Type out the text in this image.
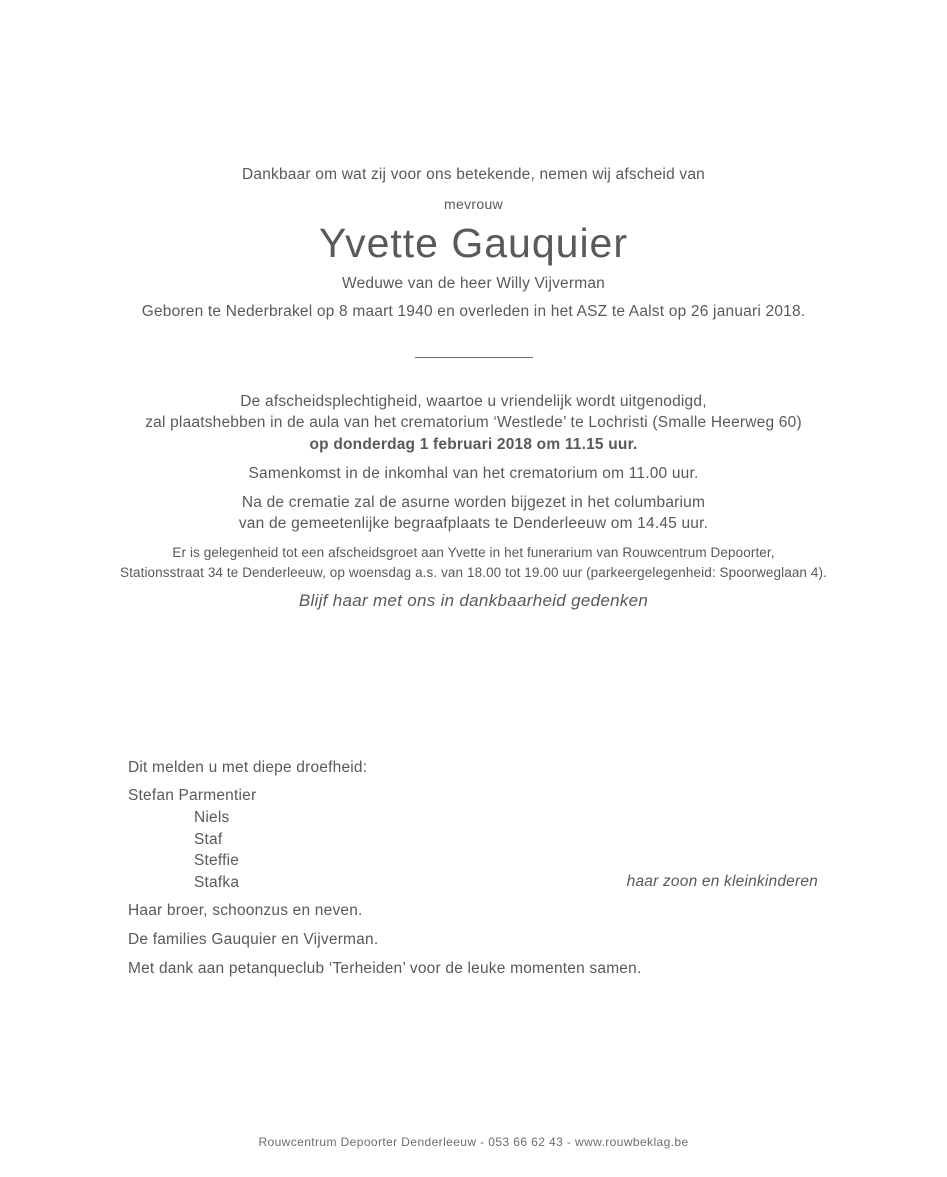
Dankbaar om wat zij voor ons betekende, nemen wij afscheid van
mevrouw
Yvette Gauquier
Weduwe van de heer Willy Vijverman
Geboren te Nederbrakel op 8 maart 1940 en overleden in het ASZ te Aalst op 26 januari 2018.
De afscheidsplechtigheid, waartoe u vriendelijk wordt uitgenodigd,
zal plaatshebben in de aula van het crematorium ‘Westlede’ te Lochristi (Smalle Heerweg 60)
op donderdag 1 februari 2018 om 11.15 uur.
Samenkomst in de inkomhal van het crematorium om 11.00 uur.
Na de crematie zal de asurne worden bijgezet in het columbarium
van de gemeetenlijke begraafplaats te Denderleeuw om 14.45 uur.
Er is gelegenheid tot een afscheidsgroet aan Yvette in het funerarium van Rouwcentrum Depoorter,
Stationsstraat 34 te Denderleeuw, op woensdag a.s. van 18.00 tot 19.00 uur (parkeergelegenheid: Spoorweglaan 4).
Blijf haar met ons in dankbaarheid gedenken
Dit melden u met diepe droefheid:
Stefan Parmentier
Niels
Staf
Steffie
Stafka	haar zoon en kleinkinderen
Haar broer, schoonzus en neven.
De families Gauquier en Vijverman.
Met dank aan petanqueclub ‘Terheiden’ voor de leuke momenten samen.
Rouwcentrum Depoorter Denderleeuw - 053 66 62 43 - www.rouwbeklag.be
